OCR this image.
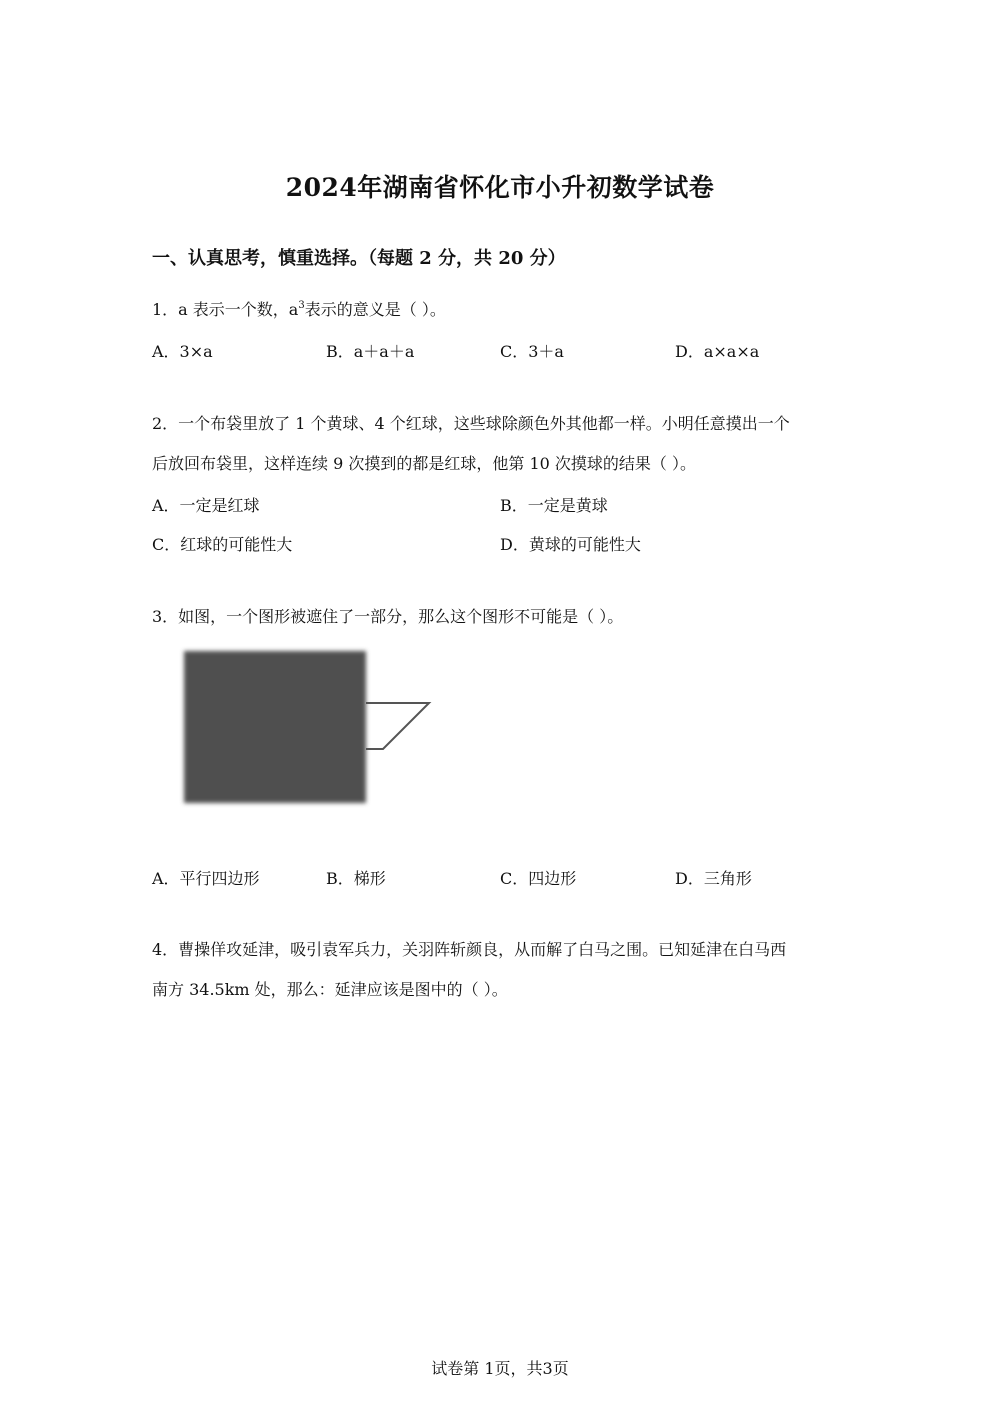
2024年湖南省怀化市小升初数学试卷
一、认真思考，慎重选择。（每题 2 分，共 20 分）
1．a 表示一个数，$a^3$表示的意义是（ ）。
A．3×a	B．a＋a＋a	C．3＋a	D．a×a×a
2．一个布袋里放了 1 个黄球、4 个红球，这些球除颜色外其他都一样。小明任意摸出一个
后放回布袋里，这样连续 9 次摸到的都是红球，他第 10 次摸球的结果（ ）。
A．一定是红球	B．一定是黄球
C．红球的可能性大	D．黄球的可能性大
3．如图，一个图形被遮住了一部分，那么这个图形不可能是（ ）。
A．平行四边形	B．梯形	C．四边形	D．三角形
4．曹操佯攻延津，吸引袁军兵力，关羽阵斩颜良，从而解了白马之围。已知延津在白马西
南方 34.5km 处，那么：延津应该是图中的（ ）。
试卷第 1页，共3页
